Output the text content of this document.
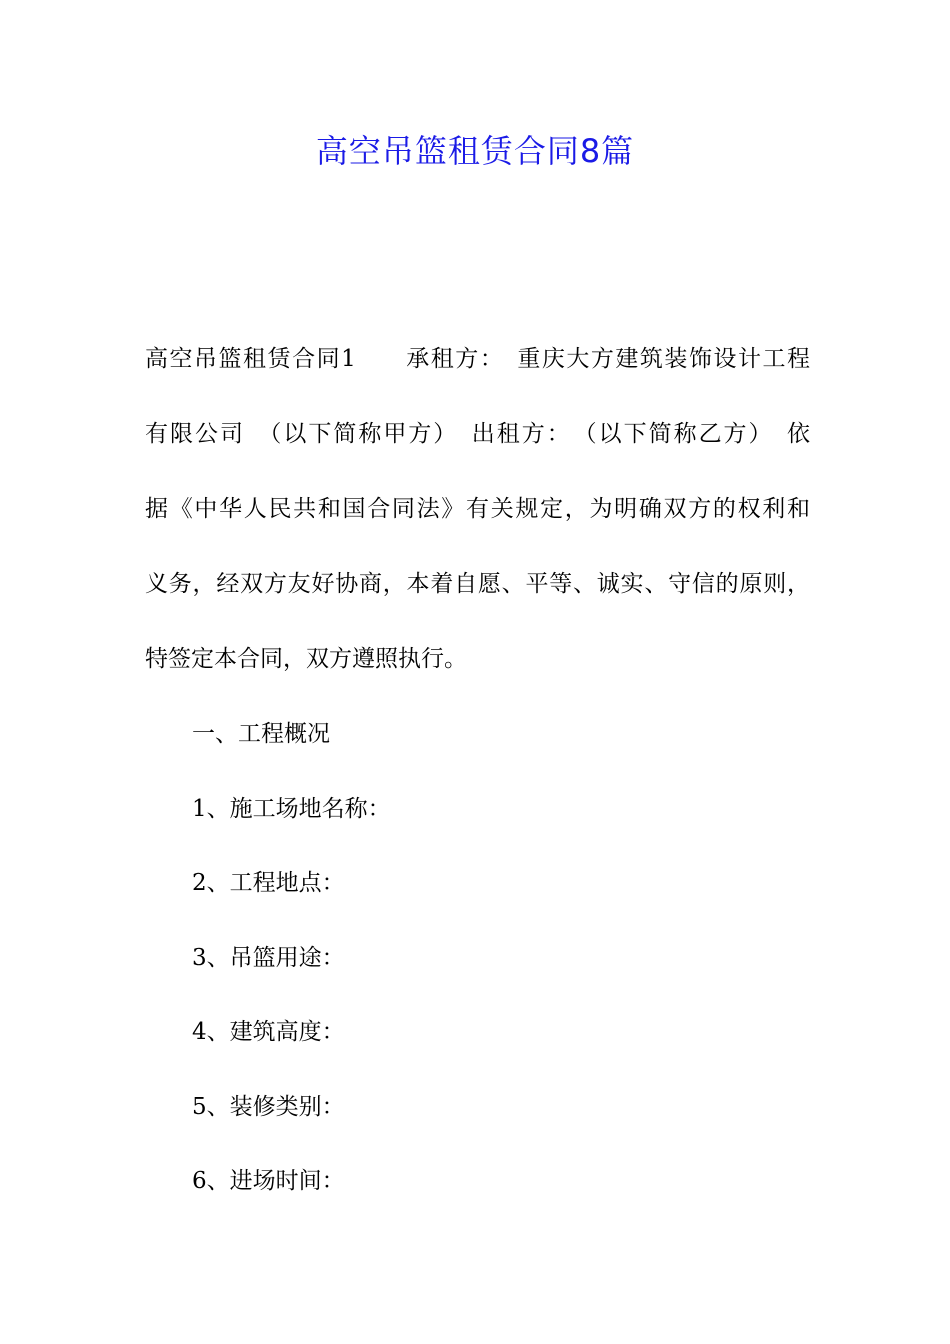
高空吊篮租赁合同8篇
高空吊篮租赁合同1　　承租方：　重庆大方建筑装饰设计工程
有限公司　（以下简称甲方）　出租方：　（以下简称乙方）　依
据《中华人民共和国合同法》有关规定，为明确双方的权利和
义务，经双方友好协商，本着自愿、平等、诚实、守信的原则，
特签定本合同，双方遵照执行。
一、工程概况
1、施工场地名称：
2、工程地点：
3、吊篮用途：
4、建筑高度：
5、装修类别：
6、进场时间：
